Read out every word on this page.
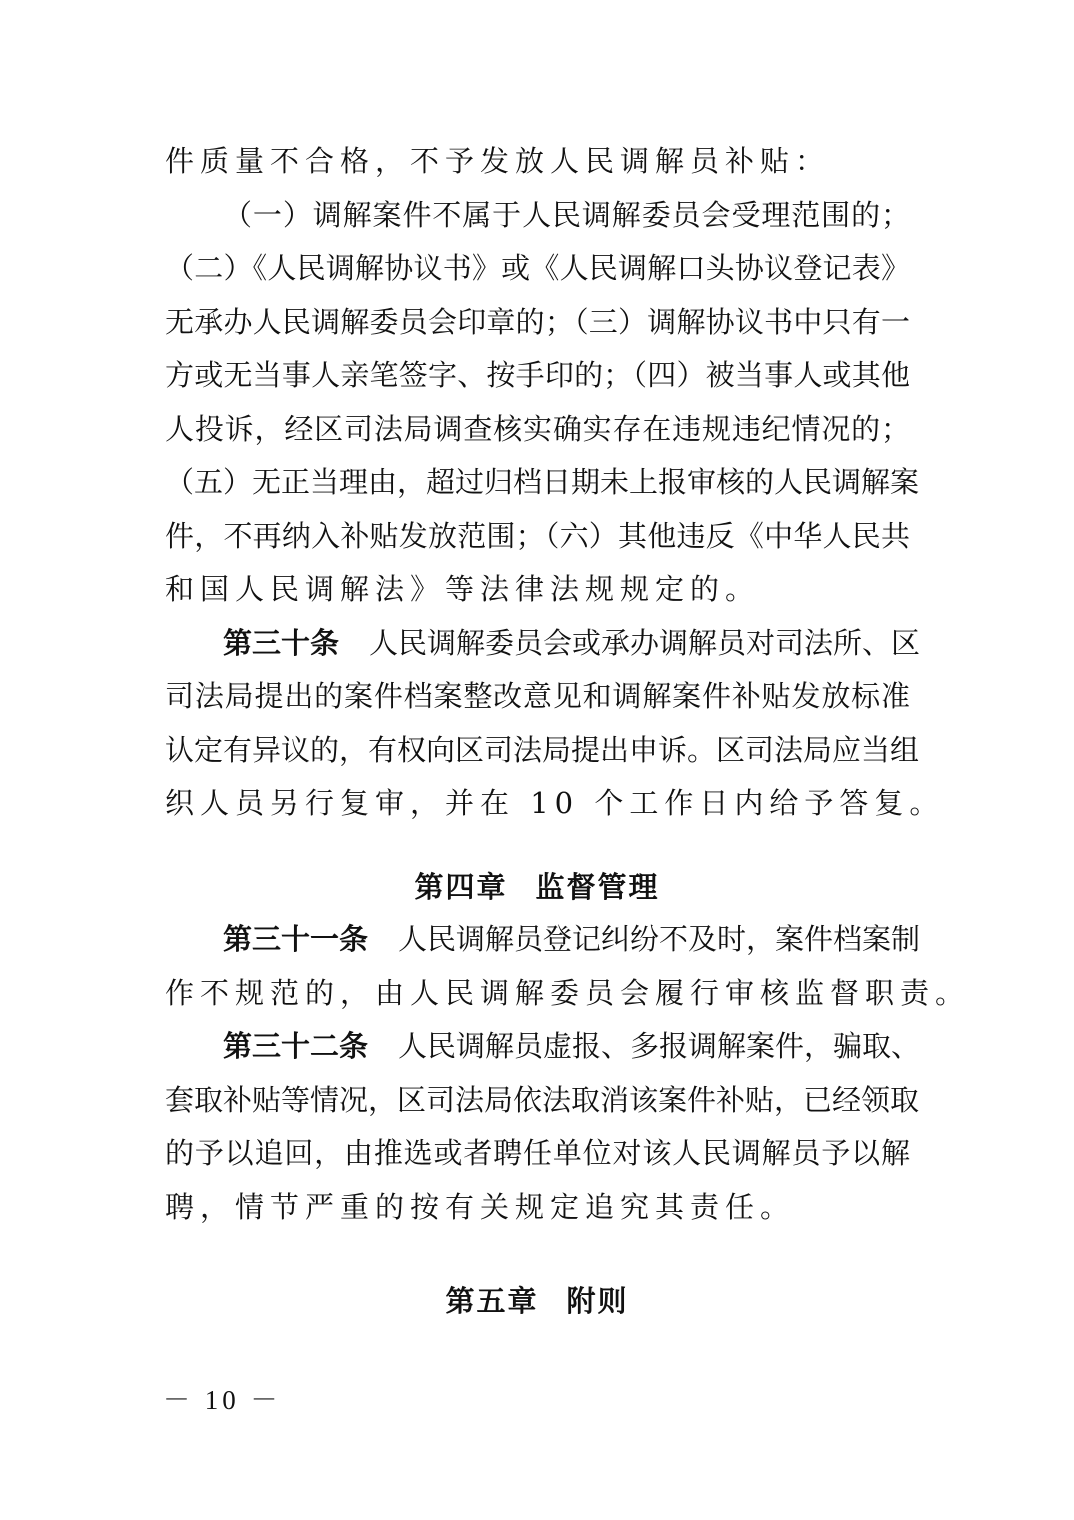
件质量不合格，不予发放人民调解员补贴：
（一）调解案件不属于人民调解委员会受理范围的；
（二）《人民调解协议书》或《人民调解口头协议登记表》
无承办人民调解委员会印章的；（三）调解协议书中只有一
方或无当事人亲笔签字、按手印的；（四）被当事人或其他
人投诉，经区司法局调查核实确实存在违规违纪情况的；
（五）无正当理由，超过归档日期未上报审核的人民调解案
件，不再纳入补贴发放范围；（六）其他违反《中华人民共
和国人民调解法》等法律法规规定的。
第三十条 人民调解委员会或承办调解员对司法所、区
司法局提出的案件档案整改意见和调解案件补贴发放标准
认定有异议的，有权向区司法局提出申诉。区司法局应当组
织人员另行复审，并在 10 个工作日内给予答复。
第四章 监督管理
第三十一条 人民调解员登记纠纷不及时，案件档案制
作不规范的，由人民调解委员会履行审核监督职责。
第三十二条 人民调解员虚报、多报调解案件，骗取、
套取补贴等情况，区司法局依法取消该案件补贴，已经领取
的予以追回，由推选或者聘任单位对该人民调解员予以解
聘，情节严重的按有关规定追究其责任。
第五章 附则
－ 10 －
